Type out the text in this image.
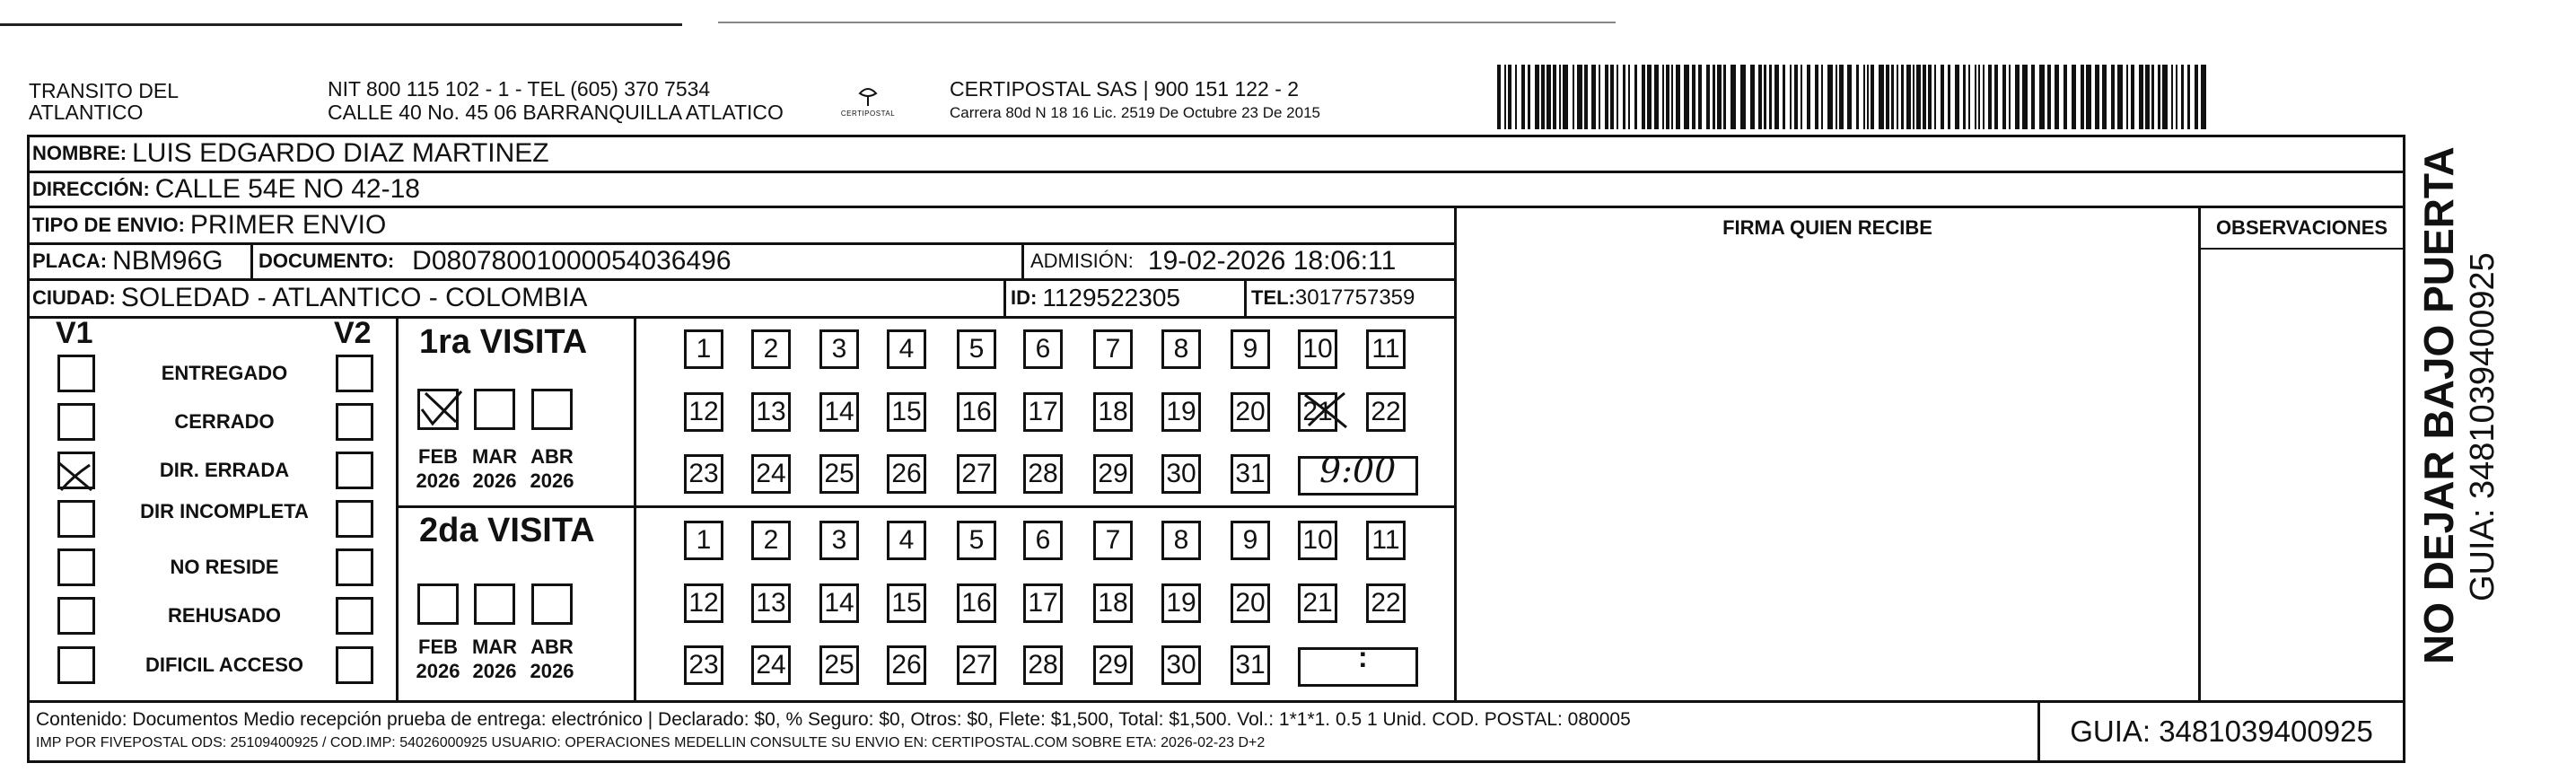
TRANSITO DEL ATLANTICO
NIT 800 115 102 - 1 - TEL (605) 370 7534
CALLE 40 No. 45 06 BARRANQUILLA ATLATICO	CERTIPOSTAL
CERTIPOSTAL SAS | 900 151 122 - 2
Carrera 80d N 18 16 Lic. 2519 De Octubre 23 De 2015
NOMBRE: LUIS EDGARDO DIAZ MARTINEZ
DIRECCIÓN: CALLE 54E NO 42-18
TIPO DE ENVIO: PRIMER ENVIO	FIRMA QUIEN RECIBE	OBSERVACIONES
PLACA: NBM96G DOCUMENTO: D08078001000054036496	ADMISIÓN: 19-02-2026 18:06:11
CIUDAD: SOLEDAD - ATLANTICO - COLOMBIA	ID: 1129522305	TEL: 3017757359
V1	V2 1ra VISITA
2da VISITA
ENTREGADO
CERRADO
DIR. ERRADA
DIR INCOMPLETA
NO RESIDE
REHUSADO
DIFICIL ACCESO
FEB
2026
MAR
2026
ABR
2026
FEB
2026
MAR
2026
ABR
2026
1	2	3	4	5	6	7	8	9	10 11
12 13 14 15 16 17 18 19 20 21 22
23 24 25 26 27 28 29 30 31
1	2	3	4	5	6	7	8	9	10 11
12 13 14 15 16 17 18 19 20 21 22
23 24 25 26 27 28 29 30 31
9:00
:
Contenido: Documentos Medio recepción prueba de entrega: electrónico | Declarado: $0, % Seguro: $0, Otros: $0, Flete: $1,500, Total: $1,500. Vol.: 1*1*1. 0.5 1 Unid. COD. POSTAL: 080005
IMP POR FIVEPOSTAL ODS: 25109400925 / COD.IMP: 54026000925 USUARIO: OPERACIONES MEDELLIN CONSULTE SU ENVIO EN: CERTIPOSTAL.COM SOBRE ETA: 2026-02-23 D+2	GUIA: 3481039400925
NO DEJAR BAJO PUERTA GUIA: 3481039400925
